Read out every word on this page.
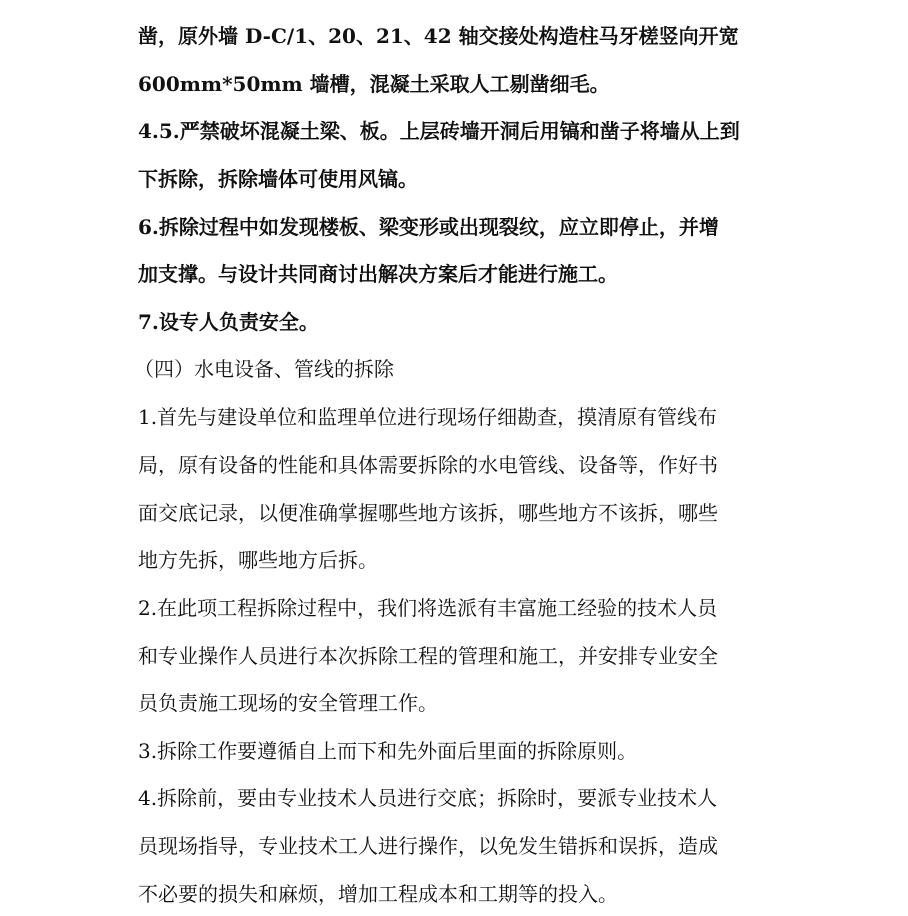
凿，原外墙 D-C/1、20、21、42 轴交接处构造柱马牙槎竖向开宽
600mm*50mm 墙槽，混凝土采取人工剔凿细毛。
4.5.严禁破坏混凝土梁、板。上层砖墙开洞后用镐和凿子将墙从上到
下拆除，拆除墙体可使用风镐。
6.拆除过程中如发现楼板、梁变形或出现裂纹，应立即停止，并增
加支撑。与设计共同商讨出解决方案后才能进行施工。
7.设专人负责安全。
（四）水电设备、管线的拆除
1.首先与建设单位和监理单位进行现场仔细勘查，摸清原有管线布
局，原有设备的性能和具体需要拆除的水电管线、设备等，作好书
面交底记录，以便准确掌握哪些地方该拆，哪些地方不该拆，哪些
地方先拆，哪些地方后拆。
2.在此项工程拆除过程中，我们将选派有丰富施工经验的技术人员
和专业操作人员进行本次拆除工程的管理和施工，并安排专业安全
员负责施工现场的安全管理工作。
3.拆除工作要遵循自上而下和先外面后里面的拆除原则。
4.拆除前，要由专业技术人员进行交底；拆除时，要派专业技术人
员现场指导，专业技术工人进行操作，以免发生错拆和误拆，造成
不必要的损失和麻烦，增加工程成本和工期等的投入。
